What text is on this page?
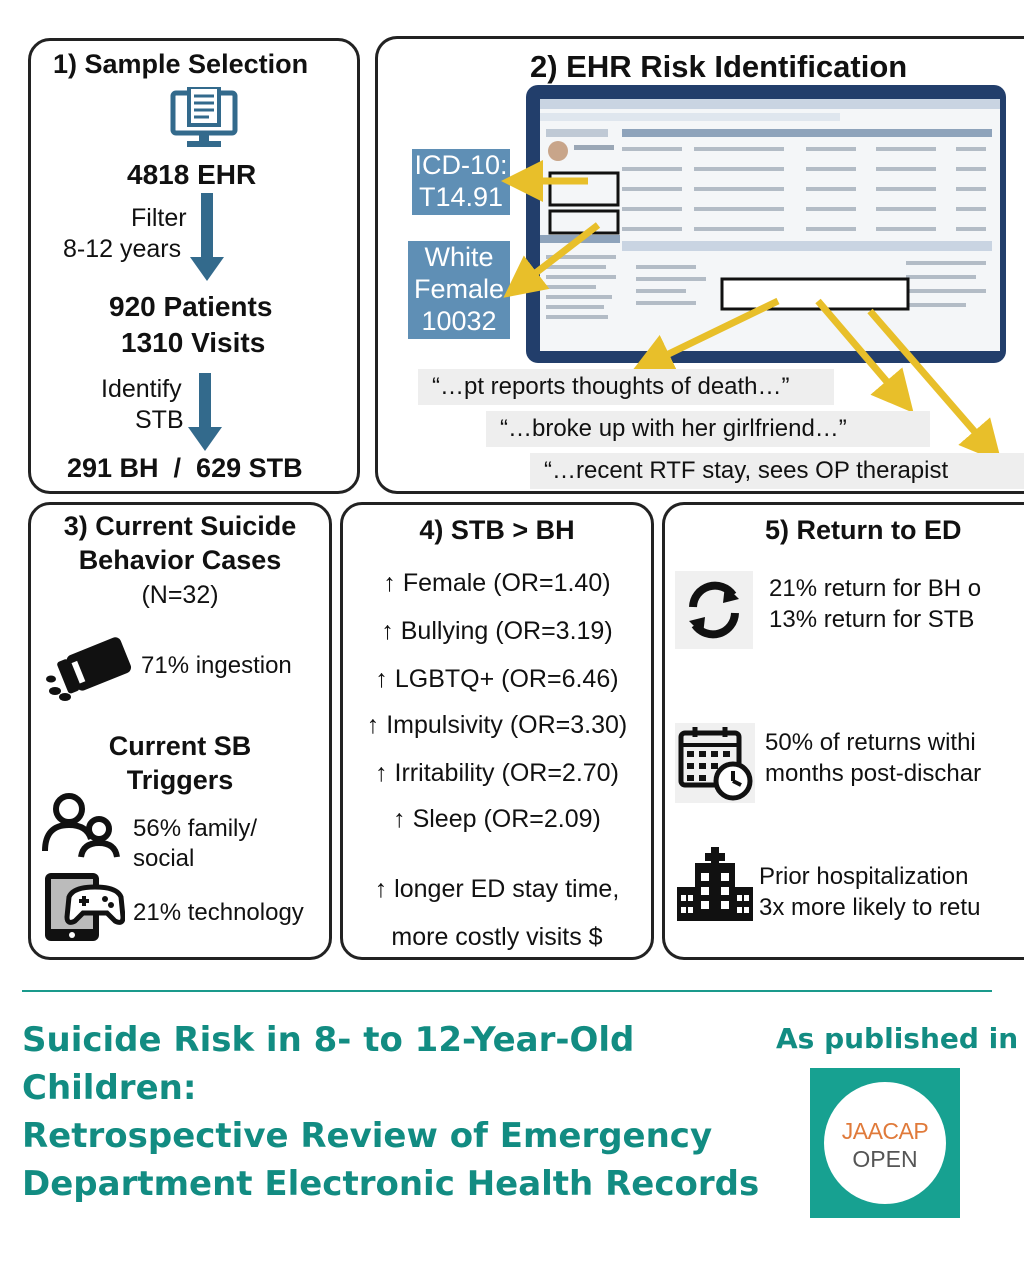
1) Sample Selection
4818 EHR
Filter
8-12 years
920 Patients
1310 Visits
Identify
STB
291 BH  /  629 STB
2) EHR Risk Identification
ICD-10:
T14.91
White
Female
10032
“…pt reports thoughts of death…”
“…broke up with her girlfriend…”
“…recent RTF stay, sees OP therapist
3) Current Suicide
Behavior Cases
(N=32)
71% ingestion
Current SB
Triggers
56% family/
social
21% technology
4) STB > BH
↑ Female (OR=1.40)
↑ Bullying (OR=3.19)
↑ LGBTQ+ (OR=6.46)
↑ Impulsivity (OR=3.30)
↑ Irritability (OR=2.70)
↑ Sleep (OR=2.09)
↑ longer ED stay time,
more costly visits $
5) Return to ED
21% return for BH o
13% return for STB
50% of returns withi
months post-dischar
Prior hospitalization
3x more likely to retu
Suicide Risk in 8- to 12-Year-Old Children:
Retrospective Review of Emergency
Department Electronic Health Records
As published in
JAACAP
OPEN
